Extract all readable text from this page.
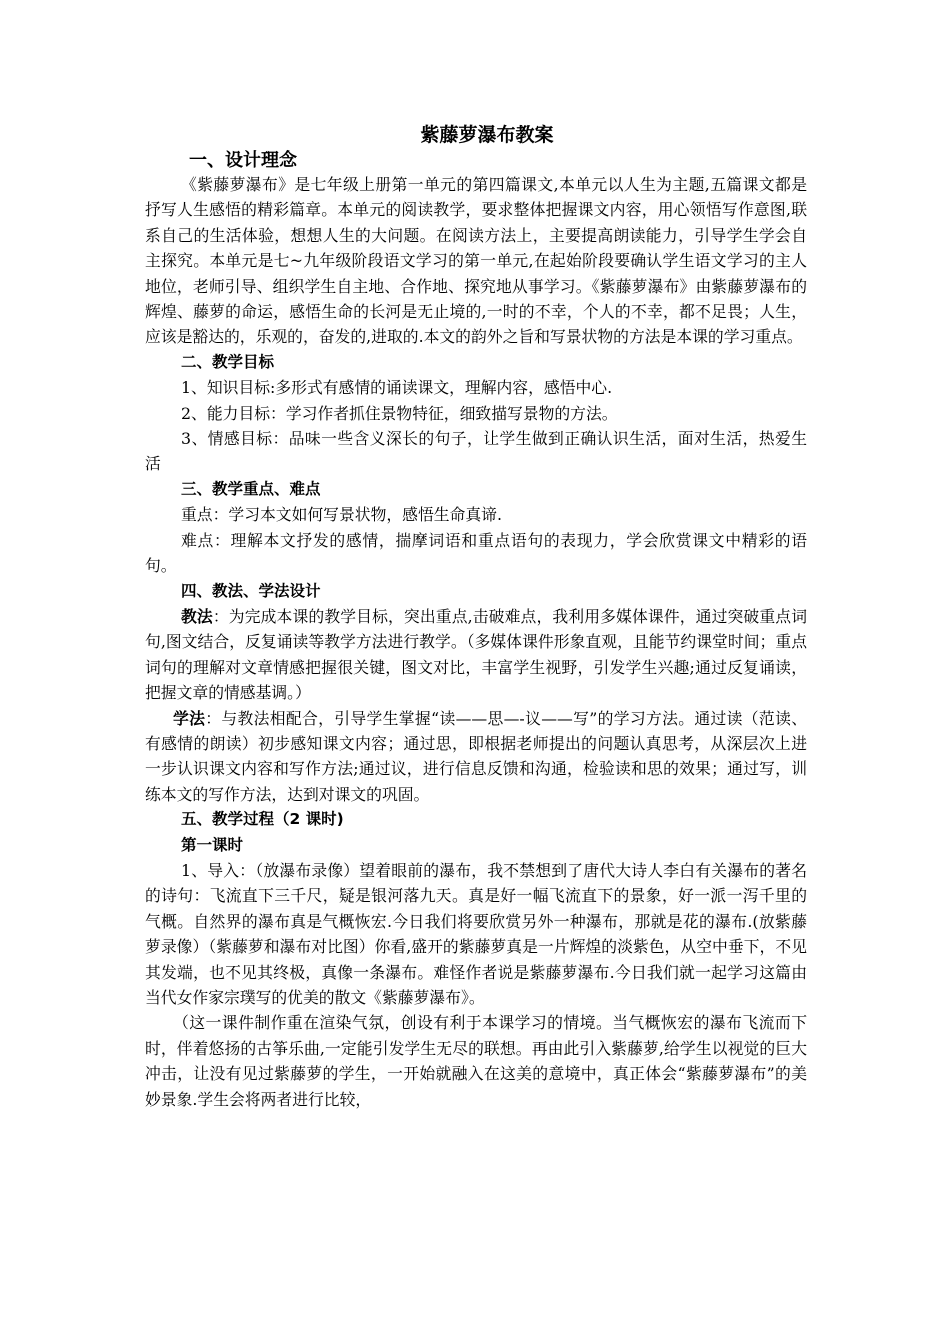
紫藤萝瀑布教案

一、设计理念

《紫藤萝瀑布》是七年级上册第一单元的第四篇课文,本单元以人生为主题,五篇课文都是抒写人生感悟的精彩篇章。本单元的阅读教学，要求整体把握课文内容，用心领悟写作意图,联系自己的生活体验，想想人生的大问题。在阅读方法上，主要提高朗读能力，引导学生学会自主探究。本单元是七~九年级阶段语文学习的第一单元,在起始阶段要确认学生语文学习的主人地位，老师引导、组织学生自主地、合作地、探究地从事学习。《紫藤萝瀑布》由紫藤萝瀑布的辉煌、藤萝的命运，感悟生命的长河是无止境的,一时的不幸，个人的不幸，都不足畏；人生，应该是豁达的，乐观的，奋发的,进取的.本文的韵外之旨和写景状物的方法是本课的学习重点。

二、教学目标

1、知识目标:多形式有感情的诵读课文，理解内容，感悟中心.

2、能力目标：学习作者抓住景物特征，细致描写景物的方法。

3、情感目标：品味一些含义深长的句子，让学生做到正确认识生活，面对生活，热爱生活

三、教学重点、难点

重点：学习本文如何写景状物，感悟生命真谛.

难点：理解本文抒发的感情，揣摩词语和重点语句的表现力，学会欣赏课文中精彩的语句。

四、教法、学法设计

教法：为完成本课的教学目标，突出重点,击破难点，我利用多媒体课件，通过突破重点词句,图文结合，反复诵读等教学方法进行教学。（多媒体课件形象直观，且能节约课堂时间；重点词句的理解对文章情感把握很关键，图文对比，丰富学生视野，引发学生兴趣;通过反复诵读，把握文章的情感基调。）

学法：与教法相配合，引导学生掌握“读——思—-议——写”的学习方法。通过读（范读、有感情的朗读）初步感知课文内容；通过思，即根据老师提出的问题认真思考，从深层次上进一步认识课文内容和写作方法;通过议，进行信息反馈和沟通，检验读和思的效果；通过写，训练本文的写作方法，达到对课文的巩固。

五、教学过程（2 课时)

第一课时

1、导入：（放瀑布录像）望着眼前的瀑布，我不禁想到了唐代大诗人李白有关瀑布的著名的诗句：飞流直下三千尺，疑是银河落九天。真是好一幅飞流直下的景象，好一派一泻千里的气概。自然界的瀑布真是气概恢宏.今日我们将要欣赏另外一种瀑布，那就是花的瀑布.(放紫藤萝录像）（紫藤萝和瀑布对比图）你看,盛开的紫藤萝真是一片辉煌的淡紫色，从空中垂下，不见其发端，也不见其终极，真像一条瀑布。难怪作者说是紫藤萝瀑布.今日我们就一起学习这篇由当代女作家宗璞写的优美的散文《紫藤萝瀑布》。

（这一课件制作重在渲染气氛，创设有利于本课学习的情境。当气概恢宏的瀑布飞流而下时，伴着悠扬的古筝乐曲,一定能引发学生无尽的联想。再由此引入紫藤萝,给学生以视觉的巨大冲击，让没有见过紫藤萝的学生，一开始就融入在这美的意境中，真正体会“紫藤萝瀑布”的美妙景象.学生会将两者进行比较，
